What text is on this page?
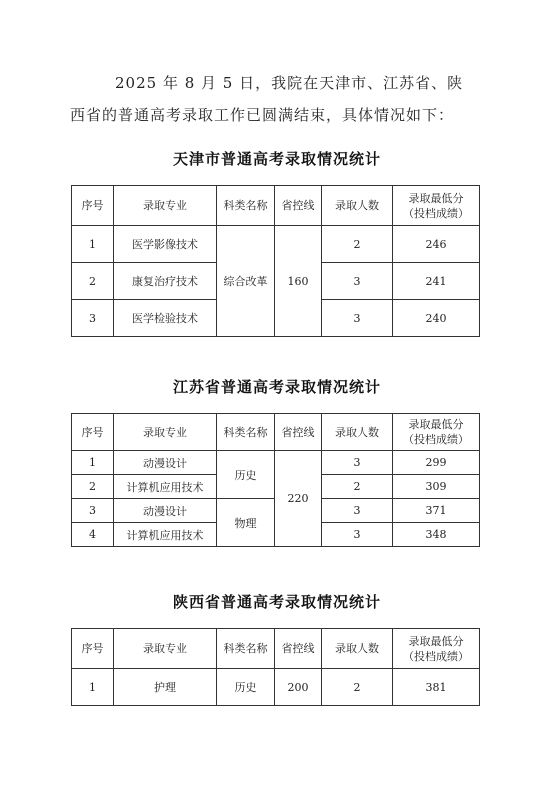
2025 年 8 月 5 日，我院在天津市、江苏省、陕
西省的普通高考录取工作已圆满结束，具体情况如下：
天津市普通高考录取情况统计
序号	录取专业	科类名称	省控线	录取人数	录取最低分
（投档成绩）
1	医学影像技术	综合改革	160	2	246
2	康复治疗技术			3	241
3	医学检验技术			3	240
江苏省普通高考录取情况统计
序号	录取专业	科类名称	省控线	录取人数	录取最低分
（投档成绩）
1	动漫设计	历史	220	3	299
2	计算机应用技术			2	309
3	动漫设计	物理		3	371
4	计算机应用技术			3	348
陕西省普通高考录取情况统计
序号	录取专业	科类名称	省控线	录取人数	录取最低分
（投档成绩）
1	护理	历史	200	2	381
